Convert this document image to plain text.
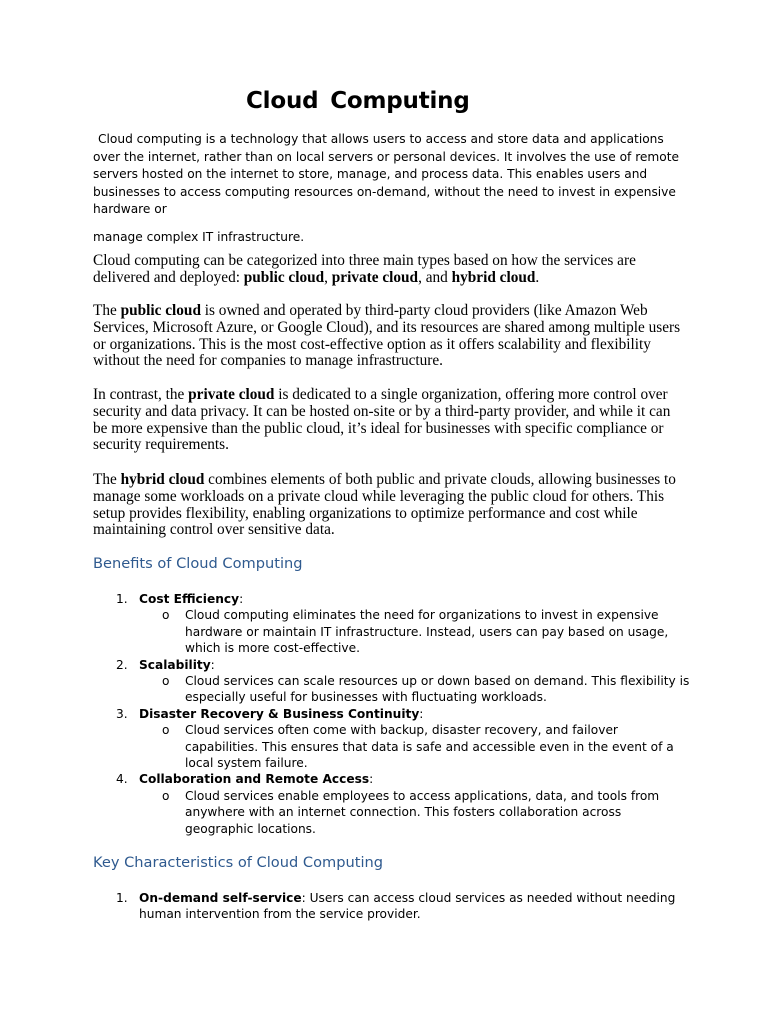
Cloud Computing

Cloud computing is a technology that allows users to access and store data and applications over the internet, rather than on local servers or personal devices. It involves the use of remote servers hosted on the internet to store, manage, and process data. This enables users and businesses to access computing resources on-demand, without the need to invest in expensive hardware or

manage complex IT infrastructure.

Cloud computing can be categorized into three main types based on how the services are delivered and deployed: public cloud, private cloud, and hybrid cloud.
The public cloud is owned and operated by third-party cloud providers (like Amazon Web Services, Microsoft Azure, or Google Cloud), and its resources are shared among multiple users or organizations. This is the most cost-effective option as it offers scalability and flexibility without the need for companies to manage infrastructure.
In contrast, the private cloud is dedicated to a single organization, offering more control over security and data privacy. It can be hosted on-site or by a third-party provider, and while it can be more expensive than the public cloud, it’s ideal for businesses with specific compliance or security requirements.
The hybrid cloud combines elements of both public and private clouds, allowing businesses to manage some workloads on a private cloud while leveraging the public cloud for others. This setup provides flexibility, enabling organizations to optimize performance and cost while maintaining control over sensitive data.
Benefits of Cloud Computing
1. Cost Efficiency:
o Cloud computing eliminates the need for organizations to invest in expensive hardware or maintain IT infrastructure. Instead, users can pay based on usage, which is more cost-effective.
2. Scalability:
o Cloud services can scale resources up or down based on demand. This flexibility is especially useful for businesses with fluctuating workloads.
3. Disaster Recovery & Business Continuity:
o Cloud services often come with backup, disaster recovery, and failover capabilities. This ensures that data is safe and accessible even in the event of a local system failure.
4. Collaboration and Remote Access:
o Cloud services enable employees to access applications, data, and tools from anywhere with an internet connection. This fosters collaboration across geographic locations.
Key Characteristics of Cloud Computing
1. On-demand self-service: Users can access cloud services as needed without needing human intervention from the service provider.
